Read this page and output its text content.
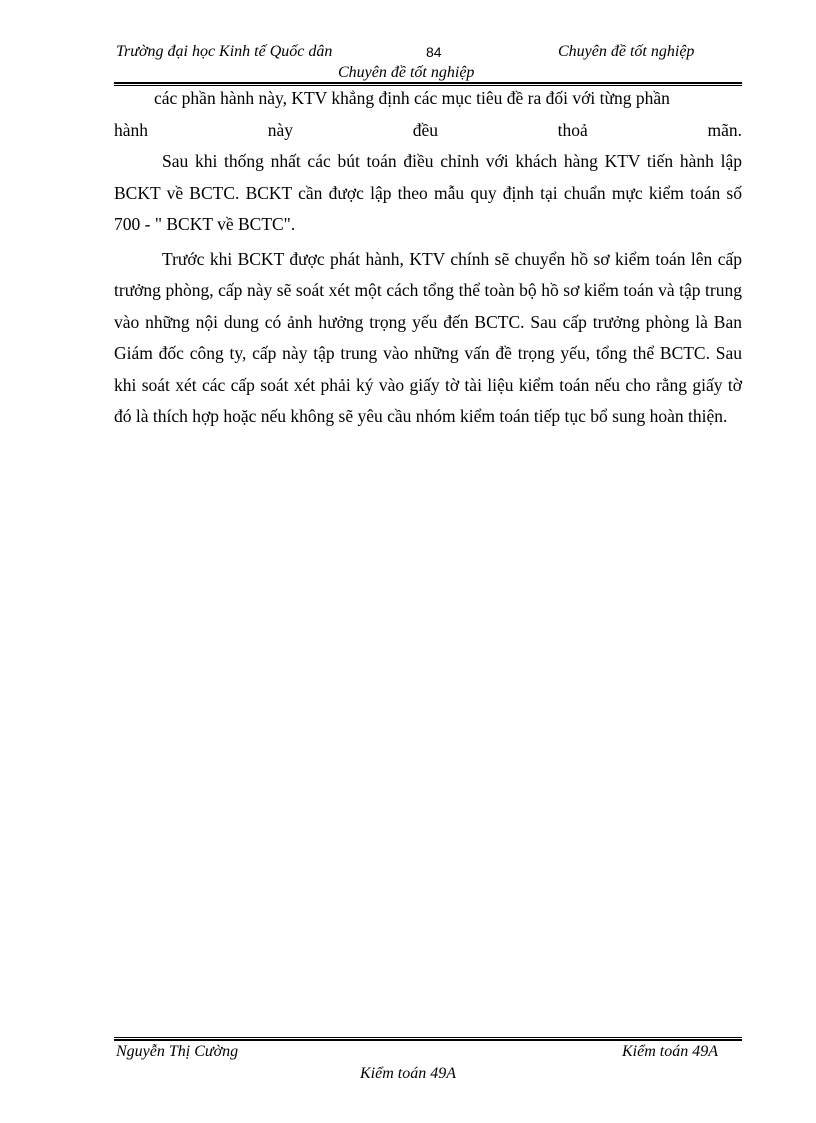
Trường đại học Kinh tế Quốc dân	84	Chuyên đề tốt nghiệp
Chuyên đề tốt nghiệp

các phần hành này, KTV khẳng định các mục tiêu đề ra đối với từng phần

hành này đều thoả mãn.

Sau khi thống nhất các bút toán điều chỉnh với khách hàng KTV tiến hành lập BCKT về BCTC. BCKT cần được lập theo mẫu quy định tại chuẩn mực kiểm toán số 700 - " BCKT về BCTC".

Trước khi BCKT được phát hành, KTV chính sẽ chuyển hồ sơ kiểm toán lên cấp trưởng phòng, cấp này sẽ soát xét một cách tổng thể toàn bộ hồ sơ kiểm toán và tập trung vào những nội dung có ảnh hưởng trọng yếu đến BCTC. Sau cấp trưởng phòng là Ban Giám đốc công ty, cấp này tập trung vào những vấn đề trọng yếu, tổng thể BCTC. Sau khi soát xét các cấp soát xét phải ký vào giấy tờ tài liệu kiểm toán nếu cho rằng giấy tờ đó là thích hợp hoặc nếu không sẽ yêu cầu nhóm kiểm toán tiếp tục bổ sung hoàn thiện.

Nguyễn Thị Cường	Kiểm toán 49A
Kiểm toán 49A
